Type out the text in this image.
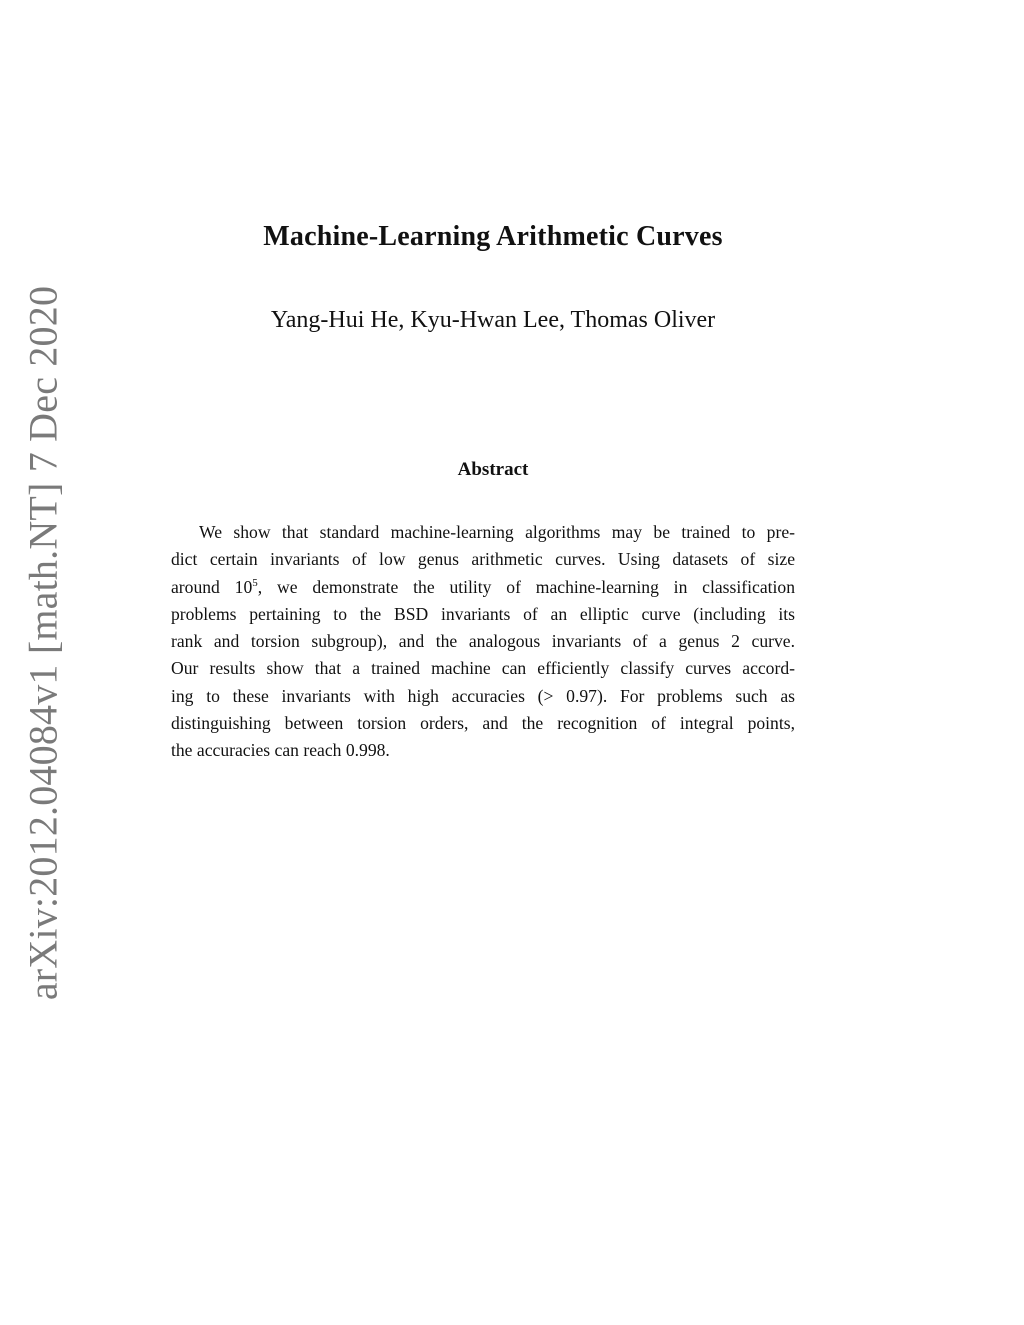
arXiv:2012.04084v1 [math.NT] 7 Dec 2020
Machine-Learning Arithmetic Curves
Yang-Hui He, Kyu-Hwan Lee, Thomas Oliver
Abstract
We show that standard machine-learning algorithms may be trained to pre-
dict certain invariants of low genus arithmetic curves. Using datasets of size
around $10^5$, we demonstrate the utility of machine-learning in classification
problems pertaining to the BSD invariants of an elliptic curve (including its
rank and torsion subgroup), and the analogous invariants of a genus 2 curve.
Our results show that a trained machine can efficiently classify curves accord-
ing to these invariants with high accuracies (> 0.97). For problems such as
distinguishing between torsion orders, and the recognition of integral points,
the accuracies can reach 0.998.
